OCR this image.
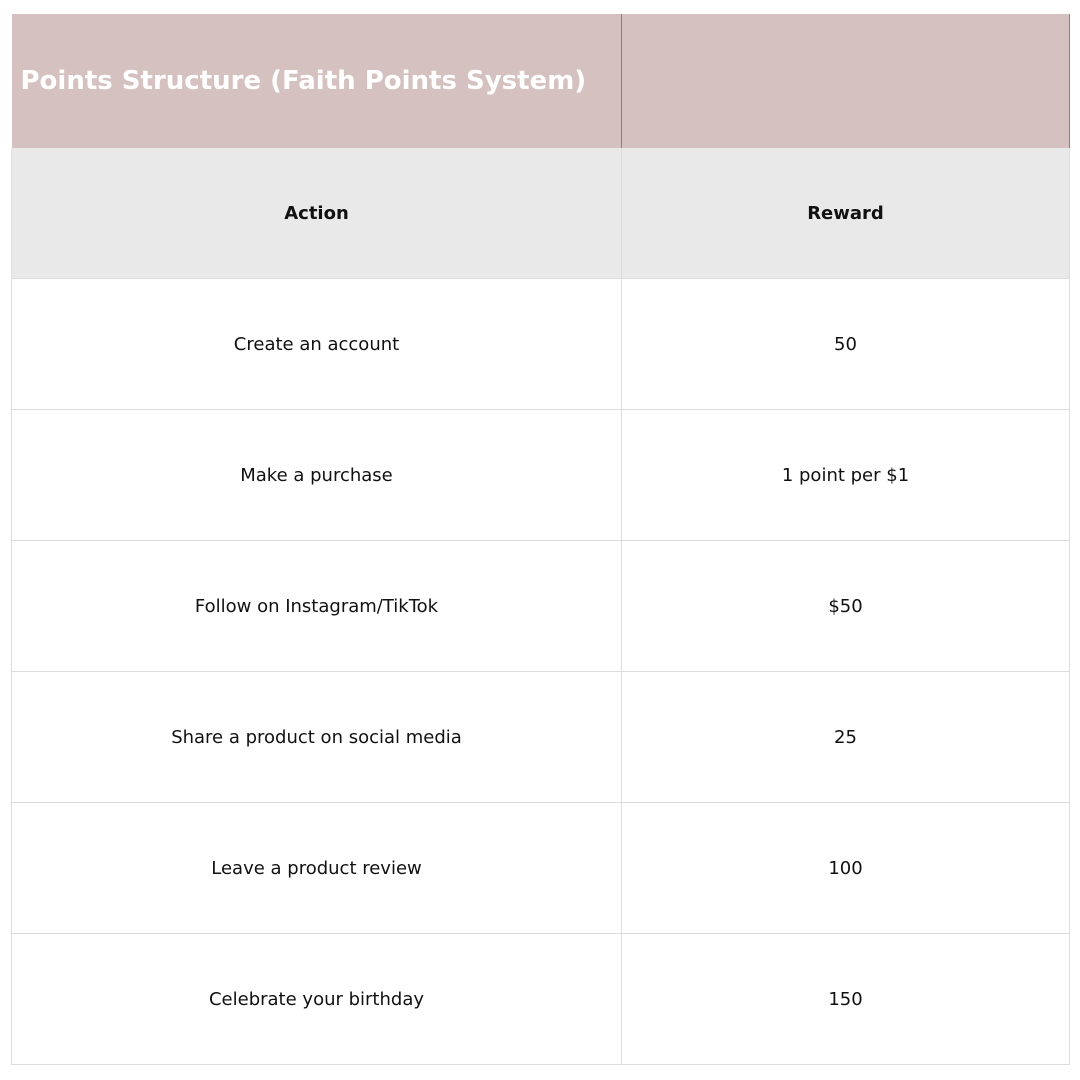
Points Structure (Faith Points System)	
Action	Reward
Create an account	50
Make a purchase	1 point per $1
Follow on Instagram/TikTok	$50
Share a product on social media	25
Leave a product review	100
Celebrate your birthday	150
